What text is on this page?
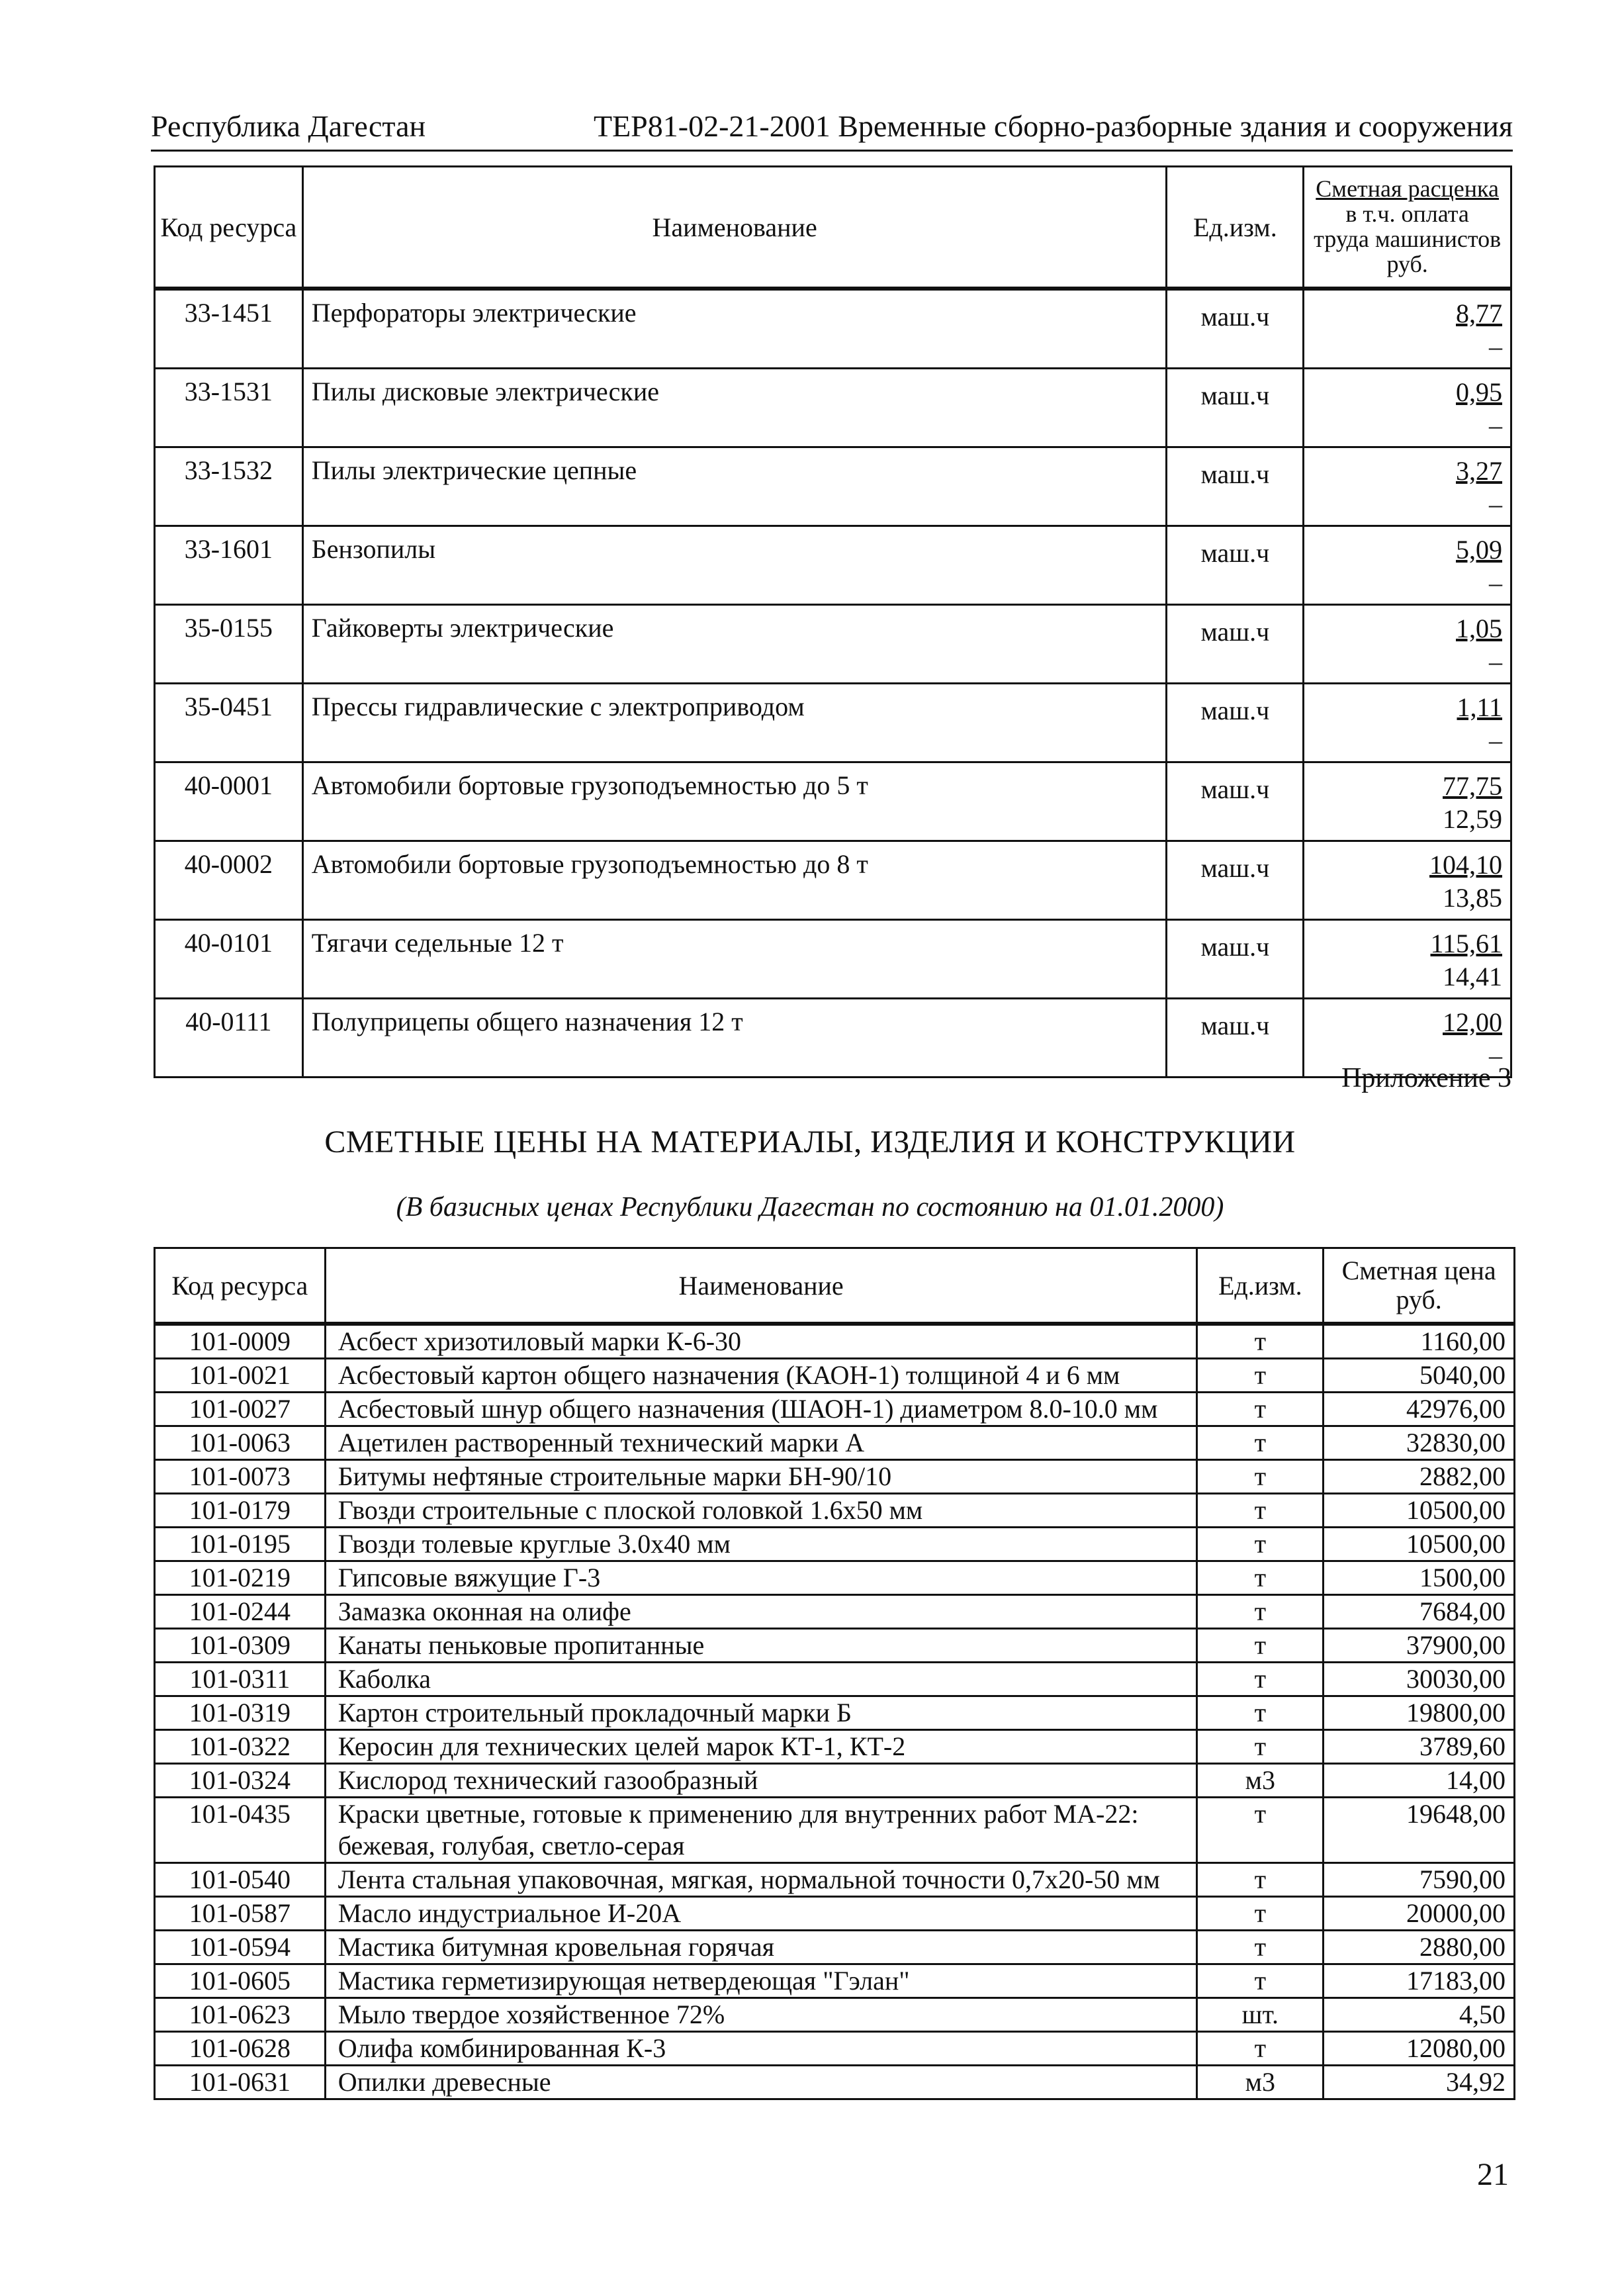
Республика Дагестан	ТЕР81-02-21-2001 Временные сборно-разборные здания и сооружения
Код ресурса	Наименование	Ед.изм.	Сметная расценка
в т.ч. оплата
труда машинистов
руб.
33-1451	Перфораторы электрические	маш.ч	8,77
–

33-1531	Пилы дисковые электрические	маш.ч	0,95
–

33-1532	Пилы электрические цепные	маш.ч	3,27
–

33-1601	Бензопилы	маш.ч	5,09
–

35-0155	Гайковерты электрические	маш.ч	1,05
–

35-0451	Прессы гидравлические с электроприводом	маш.ч	1,11
–

40-0001	Автомобили бортовые грузоподъемностью до 5 т	маш.ч	77,75
12,59

40-0002	Автомобили бортовые грузоподъемностью до 8 т	маш.ч	104,10
13,85

40-0101	Тягачи седельные 12 т	маш.ч	115,61
14,41

40-0111	Полуприцепы общего назначения 12 т	маш.ч	12,00
–
Приложение 3
СМЕТНЫЕ ЦЕНЫ НА МАТЕРИАЛЫ, ИЗДЕЛИЯ И КОНСТРУКЦИИ
(В базисных ценах Республики Дагестан по состоянию на 01.01.2000)
Код ресурса	Наименование	Ед.изм.	Сметная цена
руб.
101-0009	Асбест хризотиловый марки К-6-30	т	1160,00
101-0021	Асбестовый картон общего назначения (КАОН-1) толщиной 4 и 6 мм	т	5040,00
101-0027	Асбестовый шнур общего назначения (ШАОН-1) диаметром 8.0-10.0 мм	т	42976,00
101-0063	Ацетилен растворенный технический марки А	т	32830,00
101-0073	Битумы нефтяные строительные марки БН-90/10	т	2882,00
101-0179	Гвозди строительные с плоской головкой 1.6х50 мм	т	10500,00
101-0195	Гвозди толевые круглые 3.0х40 мм	т	10500,00
101-0219	Гипсовые вяжущие Г-3	т	1500,00
101-0244	Замазка оконная на олифе	т	7684,00
101-0309	Канаты пеньковые пропитанные	т	37900,00
101-0311	Каболка	т	30030,00
101-0319	Картон строительный прокладочный марки Б	т	19800,00
101-0322	Керосин для технических целей марок КТ-1, КТ-2	т	3789,60
101-0324	Кислород технический газообразный	м3	14,00
101-0435	Краски цветные, готовые к применению для внутренних работ МА-22: бежевая, голубая, светло-серая	т	19648,00
101-0540	Лента стальная упаковочная, мягкая, нормальной точности 0,7х20-50 мм	т	7590,00
101-0587	Масло индустриальное И-20А	т	20000,00
101-0594	Мастика битумная кровельная горячая	т	2880,00
101-0605	Мастика герметизирующая нетвердеющая "Гэлан"	т	17183,00
101-0623	Мыло твердое хозяйственное 72%	шт.	4,50
101-0628	Олифа комбинированная К-3	т	12080,00
101-0631	Опилки древесные	м3	34,92
21
